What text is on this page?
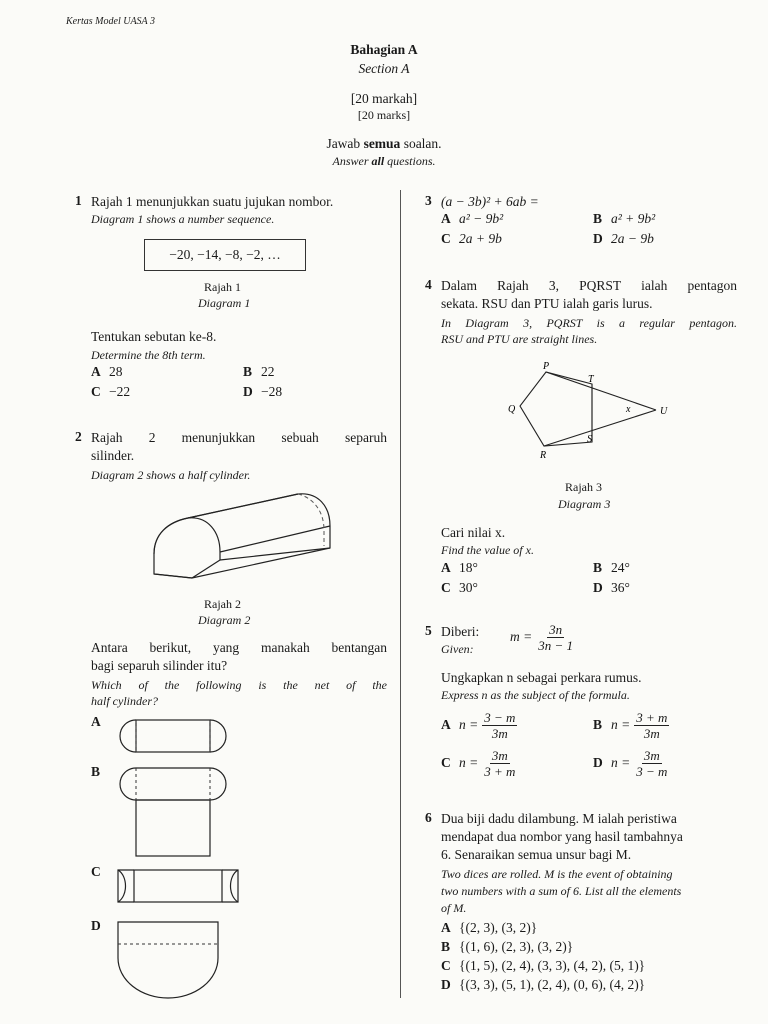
Kertas Model UASA 3
Bahagian A
Section A
[20 markah]
[20 marks]
Jawab semua soalan.
Answer all questions.
1 Rajah 1 menunjukkan suatu jujukan nombor.
Diagram 1 shows a number sequence.
−20, −14, −8, −2, …
Rajah 1
Diagram 1
Tentukan sebutan ke-8.
Determine the 8th term.
A 28	B 22
C −22	D −28
2 Rajah 2 menunjukkan sebuah separuh
silinder.
Diagram 2 shows a half cylinder.
Rajah 2
Diagram 2
Antara berikut, yang manakah bentangan
bagi separuh silinder itu?
Which of the following is the net of the
half cylinder?
A
B
C
D
3 (a − 3b)² + 6ab =
A a² − 9b²	B a² + 9b²
C 2a + 9b	D 2a − 9b
4 Dalam Rajah 3, PQRST ialah pentagon
sekata. RSU dan PTU ialah garis lurus.
In Diagram 3, PQRST is a regular pentagon.
RSU and PTU are straight lines.
P
T
Q	U
S
R
x
Rajah 3
Diagram 3
Cari nilai x.
Find the value of x.
A 18°	B 24°
C 30°	D 36°
5 Diberi:
Given:
$m = \frac{3n}{3n - 1}$
Ungkapkan n sebagai perkara rumus.
Express n as the subject of the formula.
A $n = \frac{3 - m}{3m}$	B $n = \frac{3 + m}{3m}$
C $n = \frac{3m}{3 + m}$	D $n = \frac{3m}{3 - m}$
6 Dua biji dadu dilambung. M ialah peristiwa
mendapat dua nombor yang hasil tambahnya
6. Senaraikan semua unsur bagi M.
Two dices are rolled. M is the event of obtaining
two numbers with a sum of 6. List all the elements
of M.
A {(2, 3), (3, 2)}
B {(1, 6), (2, 3), (3, 2)}
C {(1, 5), (2, 4), (3, 3), (4, 2), (5, 1)}
D {(3, 3), (5, 1), (2, 4), (0, 6), (4, 2)}
